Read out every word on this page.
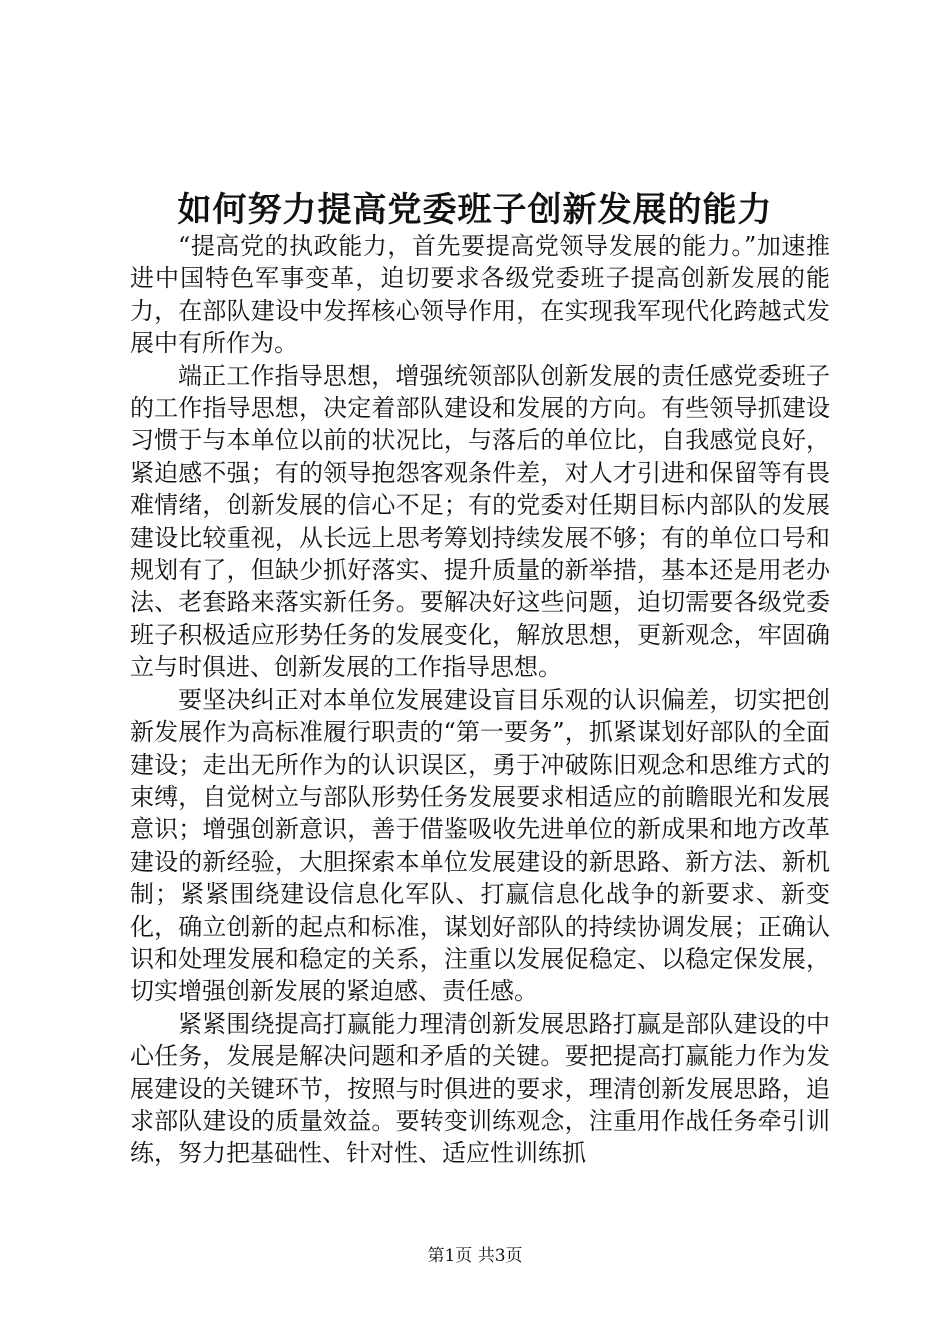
如何努力提高党委班子创新发展的能力

“提高党的执政能力，首先要提高党领导发展的能力。”加速推进中国特色军事变革，迫切要求各级党委班子提高创新发展的能力，在部队建设中发挥核心领导作用，在实现我军现代化跨越式发展中有所作为。

端正工作指导思想，增强统领部队创新发展的责任感党委班子的工作指导思想，决定着部队建设和发展的方向。有些领导抓建设习惯于与本单位以前的状况比，与落后的单位比，自我感觉良好，紧迫感不强；有的领导抱怨客观条件差，对人才引进和保留等有畏难情绪，创新发展的信心不足；有的党委对任期目标内部队的发展建设比较重视，从长远上思考筹划持续发展不够；有的单位口号和规划有了，但缺少抓好落实、提升质量的新举措，基本还是用老办法、老套路来落实新任务。要解决好这些问题，迫切需要各级党委班子积极适应形势任务的发展变化，解放思想，更新观念，牢固确立与时俱进、创新发展的工作指导思想。

要坚决纠正对本单位发展建设盲目乐观的认识偏差，切实把创新发展作为高标准履行职责的“第一要务”，抓紧谋划好部队的全面建设；走出无所作为的认识误区，勇于冲破陈旧观念和思维方式的束缚，自觉树立与部队形势任务发展要求相适应的前瞻眼光和发展意识；增强创新意识，善于借鉴吸收先进单位的新成果和地方改革建设的新经验，大胆探索本单位发展建设的新思路、新方法、新机制；紧紧围绕建设信息化军队、打赢信息化战争的新要求、新变化，确立创新的起点和标准，谋划好部队的持续协调发展；正确认识和处理发展和稳定的关系，注重以发展促稳定、以稳定保发展，切实增强创新发展的紧迫感、责任感。

紧紧围绕提高打赢能力理清创新发展思路打赢是部队建设的中心任务，发展是解决问题和矛盾的关键。要把提高打赢能力作为发展建设的关键环节，按照与时俱进的要求，理清创新发展思路，追求部队建设的质量效益。要转变训练观念，注重用作战任务牵引训练，努力把基础性、针对性、适应性训练抓

第1页 共3页
